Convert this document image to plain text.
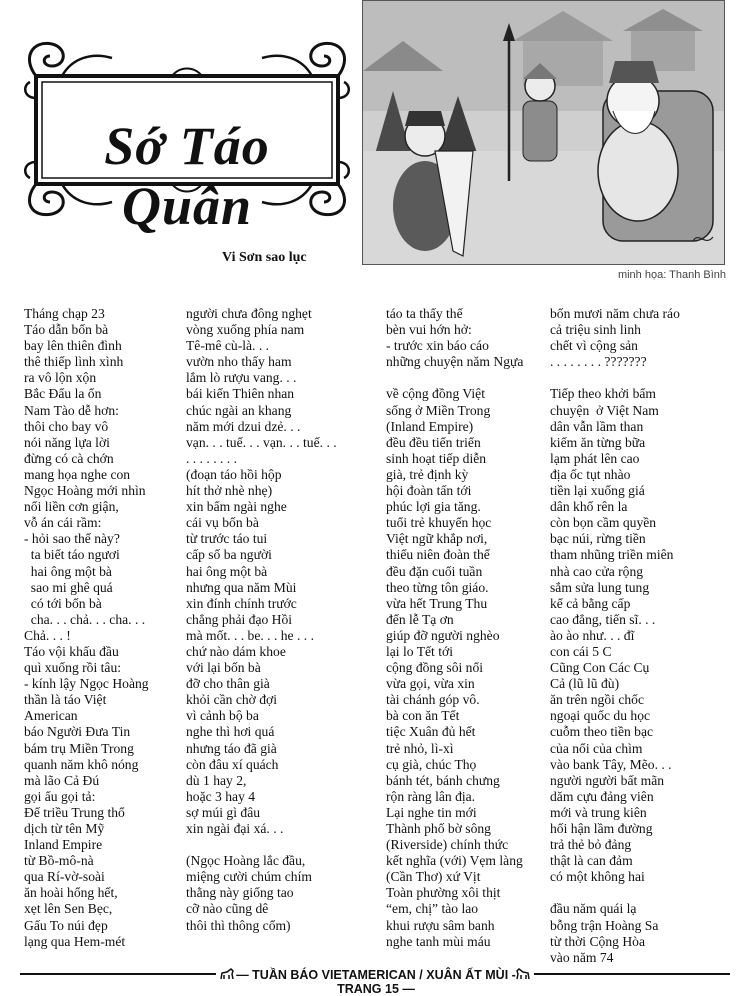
Sớ Táo Quân
Vi Sơn sao lục
minh họa: Thanh Bình
Tháng chạp 23
Táo dẫn bốn bà
bay lên thiên đình
thê thiếp lình xình
ra vô lộn xộn
Bắc Đẩu la ổn
Nam Tào dễ hơn:
thôi cho bay vô
nói năng lựa lời
đừng có cà chớn
mang họa nghe con
Ngọc Hoàng mới nhìn
nổi liền cơn giận,
vỗ án cái rầm:
- hỏi sao thế này?
ta biết táo ngươi
hai ông một bà
sao mi ghê quá
có tới bốn bà
cha. . . chả. . . cha. . .
Chả. . . !
Táo vội khấu đầu
quì xuống rồi tâu:
- kính lậy Ngọc Hoàng
thần là táo Việt
American
báo Người Đưa Tin
bám trụ Miền Trong
quanh năm khô nóng
mà lão Cả Đú
gọi ẩu gọi tả:
Đế triều Trung thổ
dịch từ tên Mỹ
Inland Empire
từ Bồ-mô-nà
qua Rí-vờ-soài
ăn hoài hổng hết,
xẹt lên Sen Bẹc,
Gấu To núi đẹp
lạng qua Hem-mét
người chưa đông nghẹt
vòng xuống phía nam
Tê-mê cù-là. . .
vườn nho thấy ham
lắm lò rượu vang. . .
bái kiến Thiên nhan
chúc ngài an khang
năm mới dzui dzẻ. . .
vạn. . . tuế. . . vạn. . . tuế. . .
. . . . . . . .
(đoạn táo hồi hộp
hít thở nhè nhẹ)
xin bẩm ngài nghe
cái vụ bốn bà
từ trước táo tui
cấp số ba người
hai ông một bà
nhưng qua năm Mùi
xin đính chính trước
chẳng phải đạo Hồi
mà mốt. . . be. . . he . . .
chứ nào dám khoe
với lại bốn bà
đỡ cho thân già
khỏi cần chờ đợi
vì cảnh bộ ba
nghe thì hơi quá
nhưng táo đã già
còn đâu xí quách
dù 1 hay 2,
hoặc 3 hay 4
sợ múi gì đâu
xin ngài đại xá. . .
(Ngọc Hoàng lắc đầu,
miệng cười chúm chím
thằng này giống tao
cỡ nào cũng dê
thôi thì thông cổm)
táo ta thấy thế
bèn vui hớn hở:
- trước xin báo cáo
những chuyện năm Ngựa
về cộng đồng Việt
sống ở Miền Trong
(Inland Empire)
đều đều tiến triển
sinh hoạt tiếp diễn
già, trẻ định kỳ
hội đoàn tấn tới
phúc lợi gia tăng.
tuổi trẻ khuyến học
Việt ngữ khắp nơi,
thiếu niên đoàn thể
đều đặn cuối tuần
theo từng tôn giáo.
vừa hết Trung Thu
đến lễ Tạ ơn
giúp đỡ người nghèo
lại lo Tết tới
cộng đồng sôi nổi
vừa gọi, vừa xin
tài chánh góp vô.
bà con ăn Tết
tiệc Xuân đủ hết
trẻ nhỏ, lì-xì
cụ già, chúc Thọ
bánh tét, bánh chưng
rộn ràng lân địa.
Lại nghe tin mới
Thành phố bờ sông
(Riverside) chính thức
kết nghĩa (với) Vẹm làng
(Cần Thơ) xứ Vịt
Toàn phường xôi thịt
“em, chị” tào lao
khui rượu sâm banh
nghe tanh mùi máu
bốn mươi năm chưa ráo
cả triệu sinh linh
chết vì cộng sản
. . . . . . . . ???????
Tiếp theo khởi bẩm
chuyện  ở Việt Nam
dân vẫn lầm than
kiếm ăn từng bữa
lạm phát lên cao
địa ốc tụt nhào
tiền lại xuống giá
dân khổ rên la
còn bọn cầm quyền
bạc núi, rừng tiền
tham nhũng triền miên
nhà cao cửa rộng
sắm sửa lung tung
kể cả bằng cấp
cao đẳng, tiến sĩ. . .
ào ào như. . . đĩ
con cái 5 C
Cũng Con Các Cụ
Cả (lũ lũ đù)
ăn trên ngồi chốc
ngoại quốc du học
cuỗm theo tiền bạc
của nổi của chìm
vào bank Tây, Mẽo. . .
người người bất mãn
dăm cựu đảng viên
mới và trung kiên
hối hận lầm đường
trả thẻ bỏ đảng
thật là can đảm
có một không hai
đầu năm quái lạ
bỗng trận Hoàng Sa
từ thời Cộng Hòa
vào năm 74
— TUẦN BÁO VIETAMERICAN / XUÂN ẤT MÙI - TRANG 15 —
